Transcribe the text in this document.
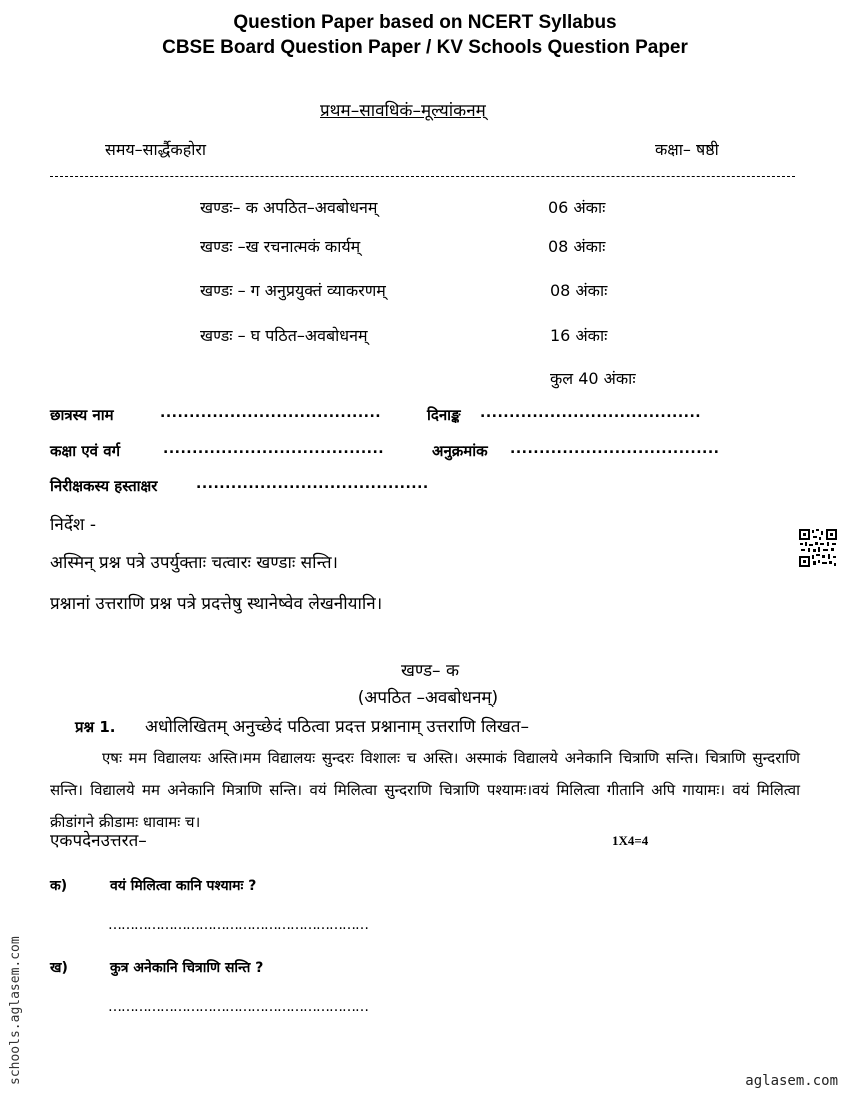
Question Paper based on NCERT Syllabus
CBSE Board Question Paper / KV Schools Question Paper
प्रथम–सावधिकं–मूल्यांकनम्
समय–सार्द्धैकहोरा	कक्षा– षष्ठी
खण्डः– क अपठित–अवबोधनम्	06 अंकाः
खण्डः –ख रचनात्मकं कार्यम्	08 अंकाः
खण्डः – ग अनुप्रयुक्तं व्याकरणम्	08 अंकाः
खण्डः – घ पठित–अवबोधनम्	16 अंकाः
कुल 40 अंकाः
छात्रस्य नाम	......................................	दिनाङ्क ......................................
कक्षा एवं वर्ग	......................................	अनुक्रमांक ....................................
निरीक्षकस्य हस्ताक्षर	........................................
निर्देश -
अस्मिन् प्रश्न पत्रे उपर्युक्ताः चत्वारः खण्डाः सन्ति।
प्रश्नानां उत्तराणि प्रश्न पत्रे प्रदत्तेषु स्थानेष्वेव लेखनीयानि।
खण्ड– क
(अपठित –अवबोधनम्)
प्रश्न 1. अधोलिखितम् अनुच्छेदं पठित्वा प्रदत्त प्रश्नानाम् उत्तराणि लिखत–
एषः मम विद्यालयः अस्ति।मम विद्यालयः सुन्दरः विशालः च अस्ति। अस्माकं विद्यालये अनेकानि चित्राणि सन्ति। चित्राणि सुन्दराणि सन्ति। विद्यालये मम अनेकानि मित्राणि सन्ति। वयं मिलित्वा सुन्दराणि चित्राणि पश्यामः।वयं मिलित्वा गीतानि अपि गायामः। वयं मिलित्वा क्रीडांगने क्रीडामः धावामः च।
एकपदेनउत्तरत–	1X4=4
क)	वयं मिलित्वा कानि पश्यामः ?
……………………………………………………
ख)	कुत्र अनेकानि चित्राणि सन्ति ?
……………………………………………………
schools.aglasem.com	aglasem.com
